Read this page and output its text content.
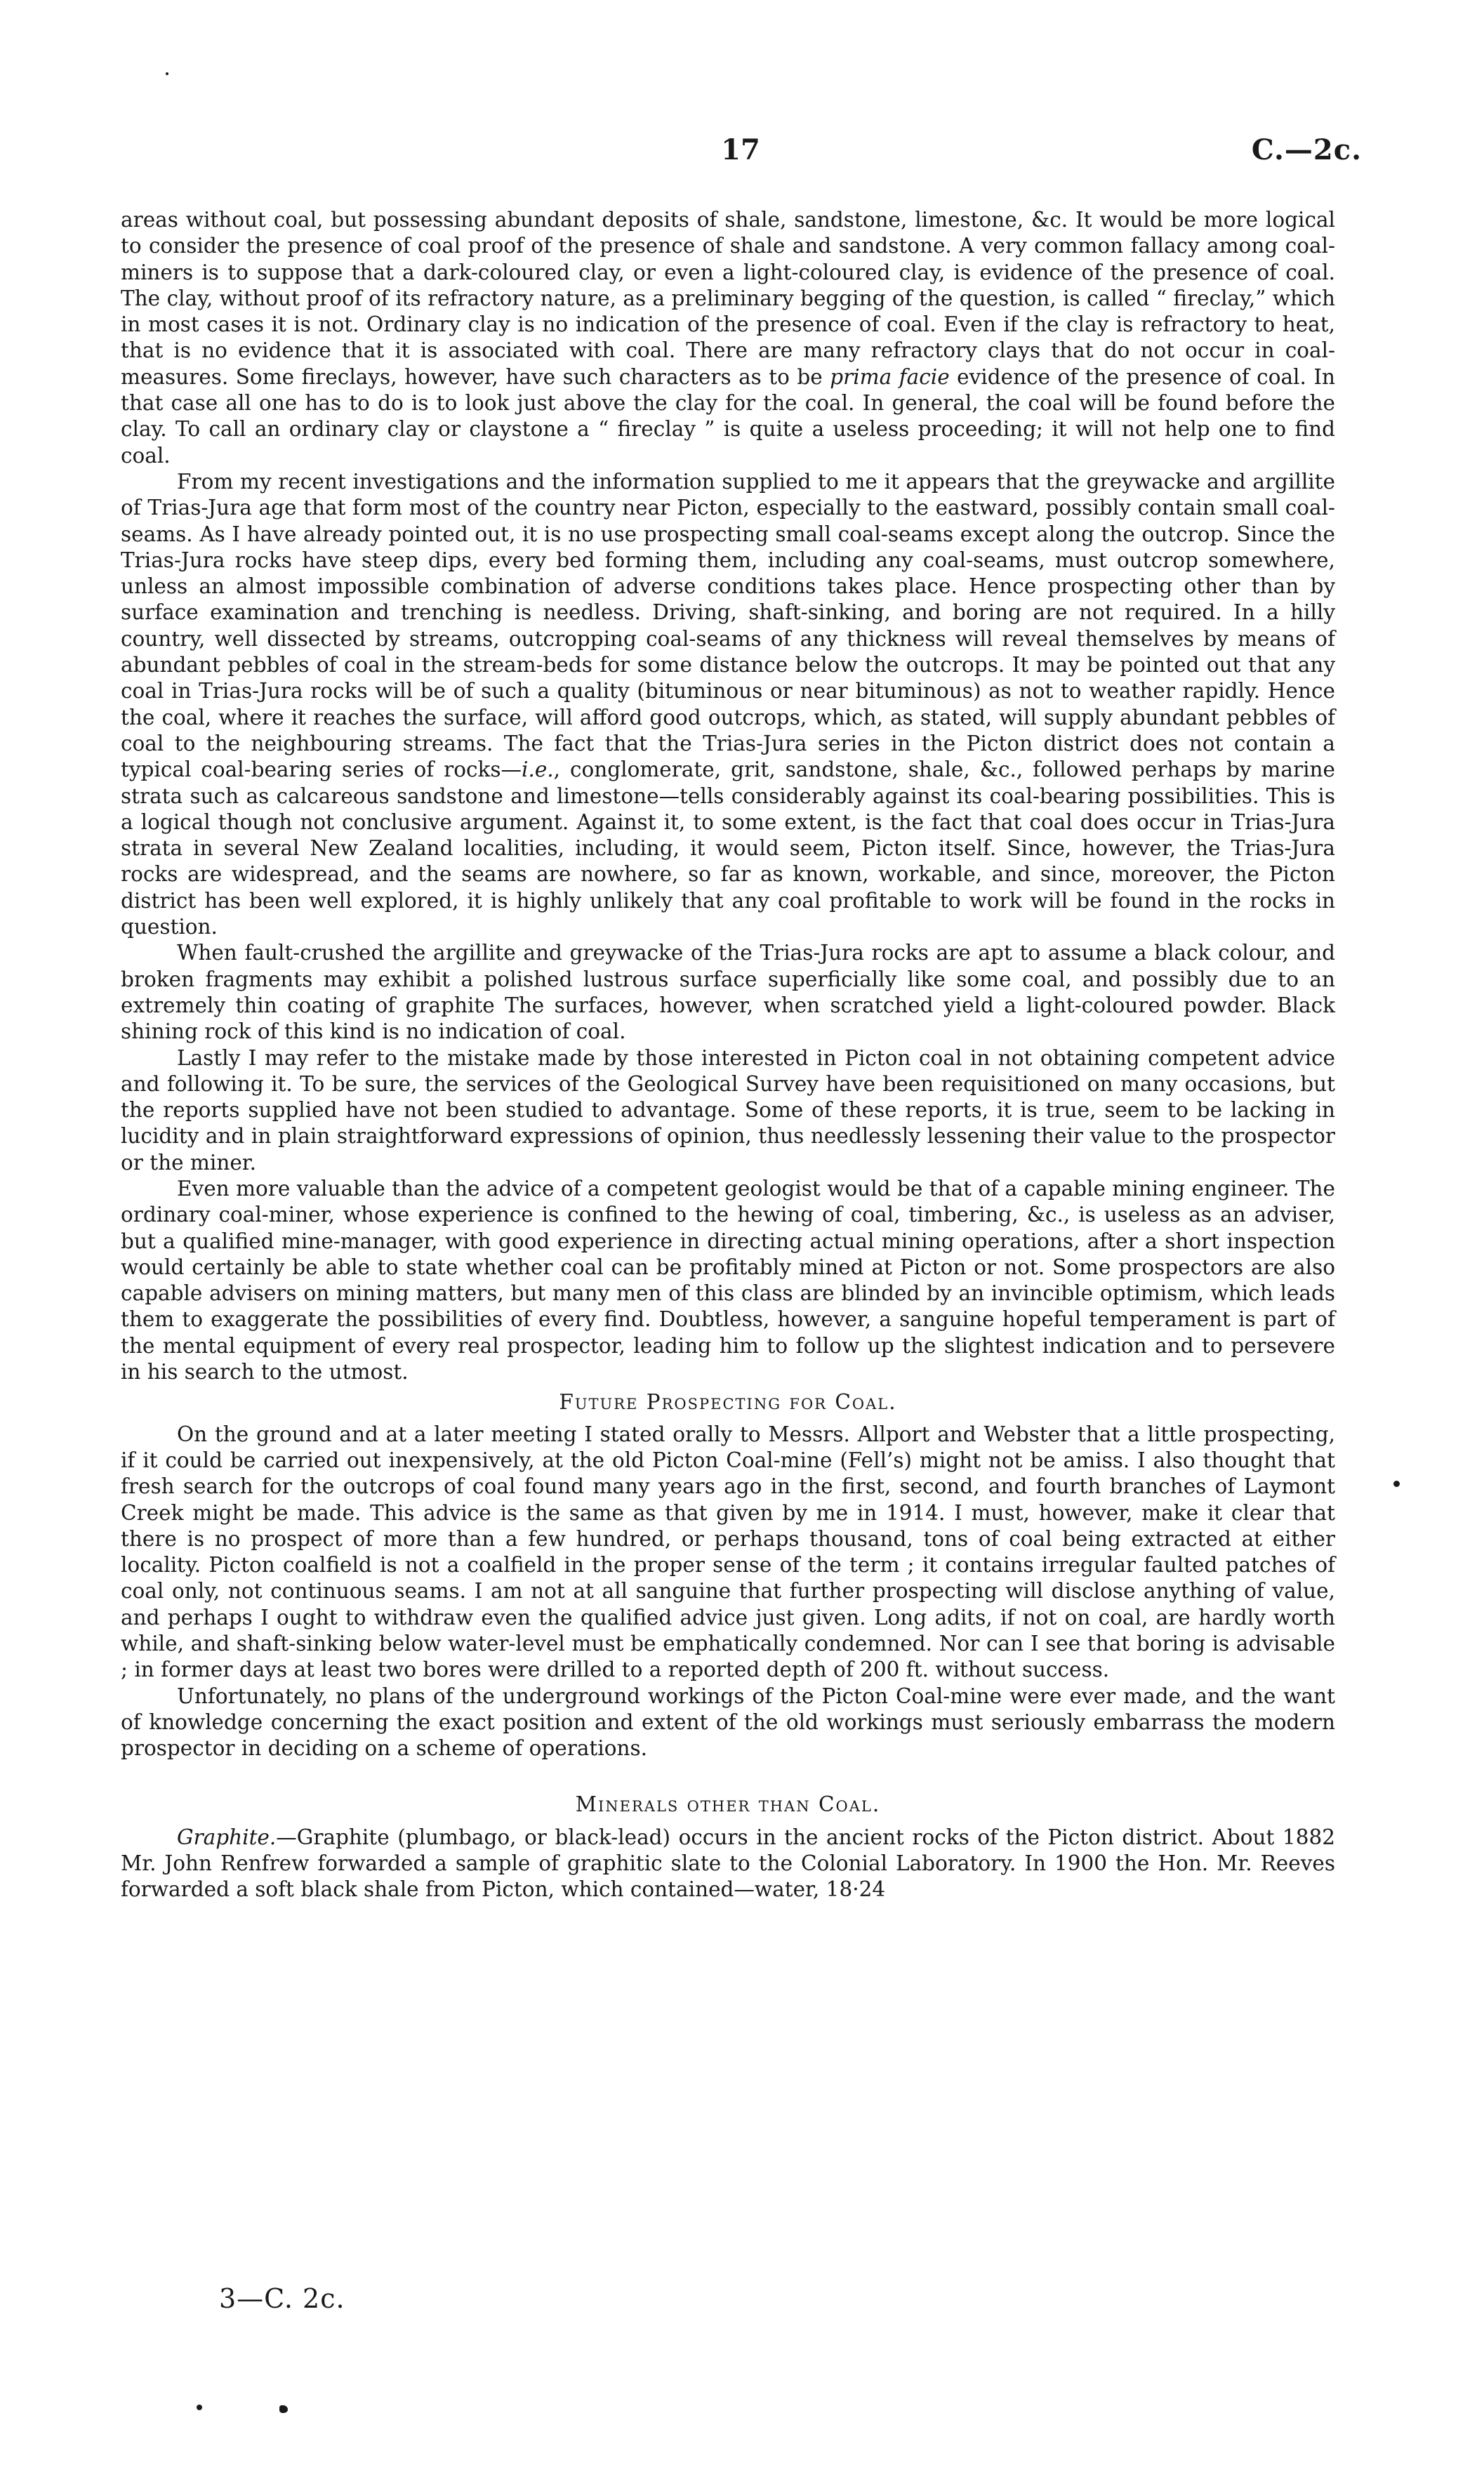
17	C.—2c.

areas without coal, but possessing abundant deposits of shale, sandstone, limestone, &c. It would be more logical to consider the presence of coal proof of the presence of shale and sandstone. A very common fallacy among coal-miners is to suppose that a dark-coloured clay, or even a light-coloured clay, is evidence of the presence of coal. The clay, without proof of its refractory nature, as a preliminary begging of the question, is called “ fireclay,” which in most cases it is not. Ordinary clay is no indication of the presence of coal. Even if the clay is refractory to heat, that is no evidence that it is associated with coal. There are many refractory clays that do not occur in coal-measures. Some fireclays, however, have such characters as to be prima facie evidence of the presence of coal. In that case all one has to do is to look just above the clay for the coal. In general, the coal will be found before the clay. To call an ordinary clay or claystone a “ fireclay ” is quite a useless proceeding; it will not help one to find coal.

From my recent investigations and the information supplied to me it appears that the greywacke and argillite of Trias-Jura age that form most of the country near Picton, especially to the eastward, possibly contain small coal-seams. As I have already pointed out, it is no use prospecting small coal-seams except along the outcrop. Since the Trias-Jura rocks have steep dips, every bed forming them, including any coal-seams, must outcrop somewhere, unless an almost impossible combination of adverse conditions takes place. Hence prospecting other than by surface examination and trenching is needless. Driving, shaft-sinking, and boring are not required. In a hilly country, well dissected by streams, outcropping coal-seams of any thickness will reveal themselves by means of abundant pebbles of coal in the stream-beds for some distance below the outcrops. It may be pointed out that any coal in Trias-Jura rocks will be of such a quality (bituminous or near bituminous) as not to weather rapidly. Hence the coal, where it reaches the surface, will afford good outcrops, which, as stated, will supply abundant pebbles of coal to the neighbouring streams. The fact that the Trias-Jura series in the Picton district does not contain a typical coal-bearing series of rocks—i.e., conglomerate, grit, sandstone, shale, &c., followed perhaps by marine strata such as calcareous sandstone and limestone—tells considerably against its coal-bearing possibilities. This is a logical though not conclusive argument. Against it, to some extent, is the fact that coal does occur in Trias-Jura strata in several New Zealand localities, including, it would seem, Picton itself. Since, however, the Trias-Jura rocks are widespread, and the seams are nowhere, so far as known, workable, and since, moreover, the Picton district has been well explored, it is highly unlikely that any coal profitable to work will be found in the rocks in question.

When fault-crushed the argillite and greywacke of the Trias-Jura rocks are apt to assume a black colour, and broken fragments may exhibit a polished lustrous surface superficially like some coal, and possibly due to an extremely thin coating of graphite The surfaces, however, when scratched yield a light-coloured powder. Black shining rock of this kind is no indication of coal.

Lastly I may refer to the mistake made by those interested in Picton coal in not obtaining competent advice and following it. To be sure, the services of the Geological Survey have been requisitioned on many occasions, but the reports supplied have not been studied to advantage. Some of these reports, it is true, seem to be lacking in lucidity and in plain straightforward expressions of opinion, thus needlessly lessening their value to the prospector or the miner.

Even more valuable than the advice of a competent geologist would be that of a capable mining engineer. The ordinary coal-miner, whose experience is confined to the hewing of coal, timbering, &c., is useless as an adviser, but a qualified mine-manager, with good experience in directing actual mining operations, after a short inspection would certainly be able to state whether coal can be profitably mined at Picton or not. Some prospectors are also capable advisers on mining matters, but many men of this class are blinded by an invincible optimism, which leads them to exaggerate the possibilities of every find. Doubtless, however, a sanguine hopeful temperament is part of the mental equipment of every real prospector, leading him to follow up the slightest indication and to persevere in his search to the utmost.

Future Prospecting for Coal.

On the ground and at a later meeting I stated orally to Messrs. Allport and Webster that a little prospecting, if it could be carried out inexpensively, at the old Picton Coal-mine (Fell’s) might not be amiss. I also thought that fresh search for the outcrops of coal found many years ago in the first, second, and fourth branches of Laymont Creek might be made. This advice is the same as that given by me in 1914. I must, however, make it clear that there is no prospect of more than a few hundred, or perhaps thousand, tons of coal being extracted at either locality. Picton coalfield is not a coalfield in the proper sense of the term ; it contains irregular faulted patches of coal only, not continuous seams. I am not at all sanguine that further prospecting will disclose anything of value, and perhaps I ought to withdraw even the qualified advice just given. Long adits, if not on coal, are hardly worth while, and shaft-sinking below water-level must be emphatically condemned. Nor can I see that boring is advisable ; in former days at least two bores were drilled to a reported depth of 200 ft. without success.

Unfortunately, no plans of the underground workings of the Picton Coal-mine were ever made, and the want of knowledge concerning the exact position and extent of the old workings must seriously embarrass the modern prospector in deciding on a scheme of operations.

Minerals other than Coal.

Graphite.—Graphite (plumbago, or black-lead) occurs in the ancient rocks of the Picton district. About 1882 Mr. John Renfrew forwarded a sample of graphitic slate to the Colonial Laboratory. In 1900 the Hon. Mr. Reeves forwarded a soft black shale from Picton, which contained—water, 18·24

3—C. 2c.
